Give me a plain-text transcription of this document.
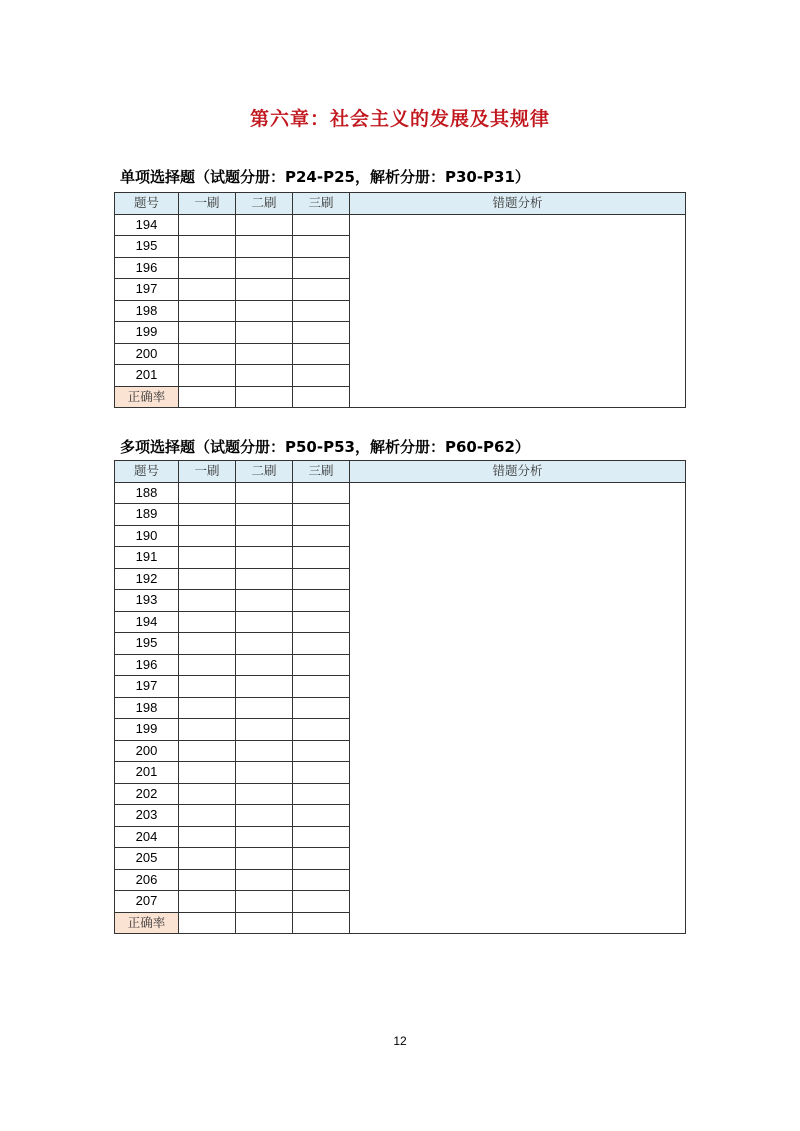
第六章：社会主义的发展及其规律
单项选择题（试题分册：P24-P25，解析分册：P30-P31）
题号	一刷	二刷	三刷	错题分析
194				
195				
196				
197				
198				
199				
200				
201				
正确率				
多项选择题（试题分册：P50-P53，解析分册：P60-P62）
题号	一刷	二刷	三刷	错题分析
188				
189				
190				
191				
192				
193				
194				
195				
196				
197				
198				
199				
200				
201				
202				
203				
204				
205				
206				
207				
正确率				
12
